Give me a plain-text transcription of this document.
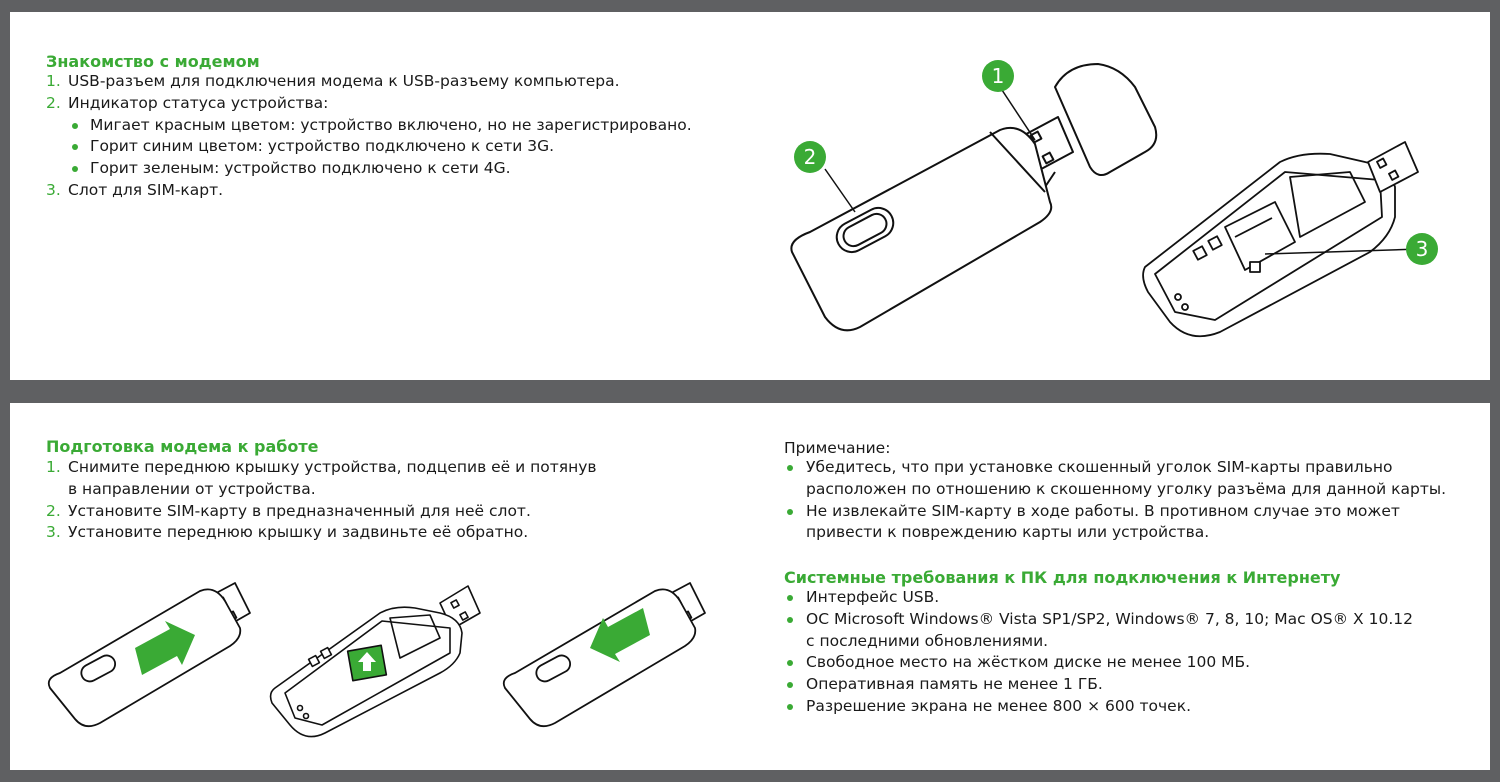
Знакомство с модемом
1. USB-разъем для подключения модема к USB-разъему компьютера.
2. Индикатор статуса устройства:
Мигает красным цветом: устройство включено, но не зарегистрировано.
Горит синим цветом: устройство подключено к сети 3G.
Горит зеленым: устройство подключено к сети 4G.
3. Слот для SIM-карт.
1
2
3
Подготовка модема к работе
1. Снимите переднюю крышку устройства, подцепив её и потянув
в направлении от устройства.
2. Установите SIM-карту в предназначенный для неё слот.
3. Установите переднюю крышку и задвиньте её обратно.
Примечание:
Убедитесь, что при установке скошенный уголок SIM-карты правильно
расположен по отношению к скошенному уголку разъёма для данной карты.
Не извлекайте SIM-карту в ходе работы. В противном случае это может
привести к повреждению карты или устройства.
Системные требования к ПК для подключения к Интернету
Интерфейс USB.
ОС Microsoft Windows® Vista SP1/SP2, Windows® 7, 8, 10; Mac OS® X 10.12
с последними обновлениями.
Свободное место на жёстком диске не менее 100 МБ.
Оперативная память не менее 1 ГБ.
Разрешение экрана не менее 800 × 600 точек.
